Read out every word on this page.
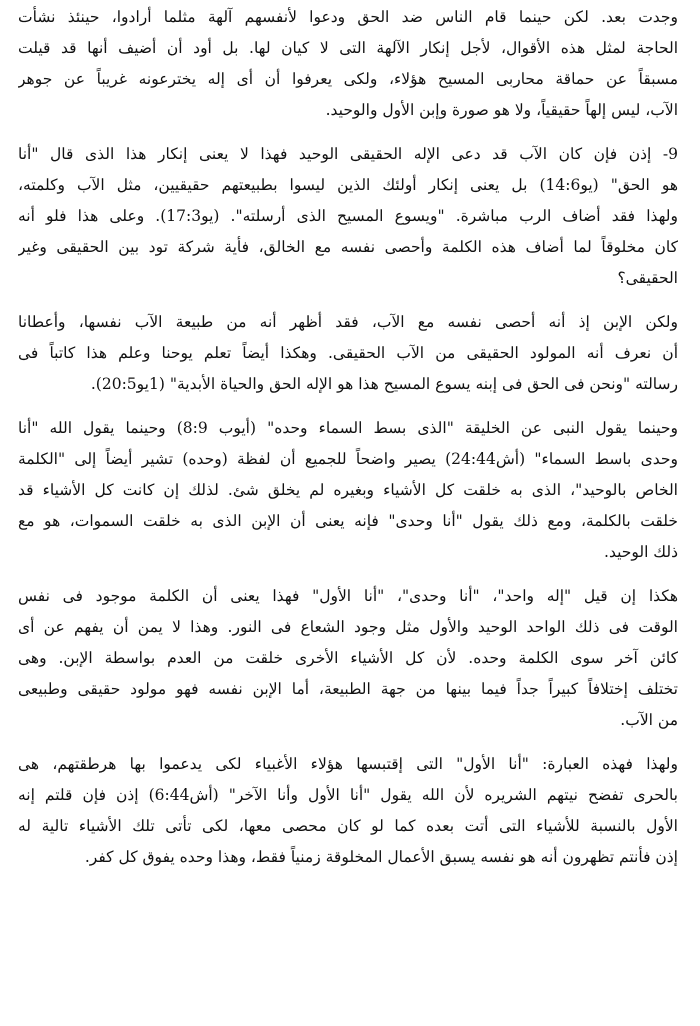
وجدت بعد. لكن حينما قام الناس ضد الحق ودعوا لأنفسهم آلهة مثلما أرادوا، حينئذ نشأت
الحاجة لمثل هذه الأقوال، لأجل إنكار الآلهة التى لا كيان لها. بل أود أن أضيف أنها قد قيلت
مسبقاً عن حماقة محاربى المسيح هؤلاء، ولكى يعرفوا أن أى إله يخترعونه غريباً عن جوهر
الآب، ليس إلهاً حقيقياً، ولا هو صورة وإبن الأول والوحيد.
9- إذن فإن كان الآب قد دعى الإله الحقيقى الوحيد فهذا لا يعنى إنكار هذا الذى قال "أنا
هو الحق" (يو14:6) بل يعنى إنكار أولئك الذين ليسوا بطبيعتهم حقيقيين، مثل الآب وكلمته،
ولهذا فقد أضاف الرب مباشرة. "ويسوع المسيح الذى أرسلته". (يو17:3). وعلى هذا فلو أنه
كان مخلوقاً لما أضاف هذه الكلمة وأحصى نفسه مع الخالق، فأية شركة تود بين الحقيقى وغير
الحقيقى؟
ولكن الإبن إذ أنه أحصى نفسه مع الآب، فقد أظهر أنه من طبيعة الآب نفسها، وأعطانا
أن نعرف أنه المولود الحقيقى من الآب الحقيقى. وهكذا أيضاً تعلم يوحنا وعلم هذا كاتباً فى
رسالته "ونحن فى الحق فى إبنه يسوع المسيح هذا هو الإله الحق والحياة الأبدية" (1يو20:5).
وحينما يقول النبى عن الخليقة "الذى بسط السماء وحده" (أيوب 8:9) وحينما يقول الله "أنا
وحدى باسط السماء" (أش24:44) يصير واضحاً للجميع أن لفظة (وحده) تشير أيضاً إلى "الكلمة
الخاص بالوحيد"، الذى به خلقت كل الأشياء وبغيره لم يخلق شئ. لذلك إن كانت كل الأشياء قد
خلقت بالكلمة، ومع ذلك يقول "أنا وحدى" فإنه يعنى أن الإبن الذى به خلقت السموات، هو مع
ذلك الوحيد.
هكذا إن قيل "إله واحد"، "أنا وحدى"، "أنا الأول" فهذا يعنى أن الكلمة موجود فى نفس
الوقت فى ذلك الواحد الوحيد والأول مثل وجود الشعاع فى النور. وهذا لا يمن أن يفهم عن أى
كائن آخر سوى الكلمة وحده. لأن كل الأشياء الأخرى خلقت من العدم بواسطة الإبن. وهى
تختلف إختلافاً كبيراً جداً فيما بينها من جهة الطبيعة، أما الإبن نفسه فهو مولود حقيقى وطبيعى
من الآب.
ولهذا فهذه العبارة: "أنا الأول" التى إقتبسها هؤلاء الأغبياء لكى يدعموا بها هرطقتهم، هى
بالحرى تفضح نيتهم الشريره لأن الله يقول "أنا الأول وأنا الآخر" (أش6:44) إذن فإن قلتم إنه
الأول بالنسبة للأشياء التى أتت بعده كما لو كان محصى معها، لكى تأتى تلك الأشياء تالية له
إذن فأنتم تظهرون أنه هو نفسه يسبق الأعمال المخلوقة زمنياً فقط، وهذا وحده يفوق كل كفر.
